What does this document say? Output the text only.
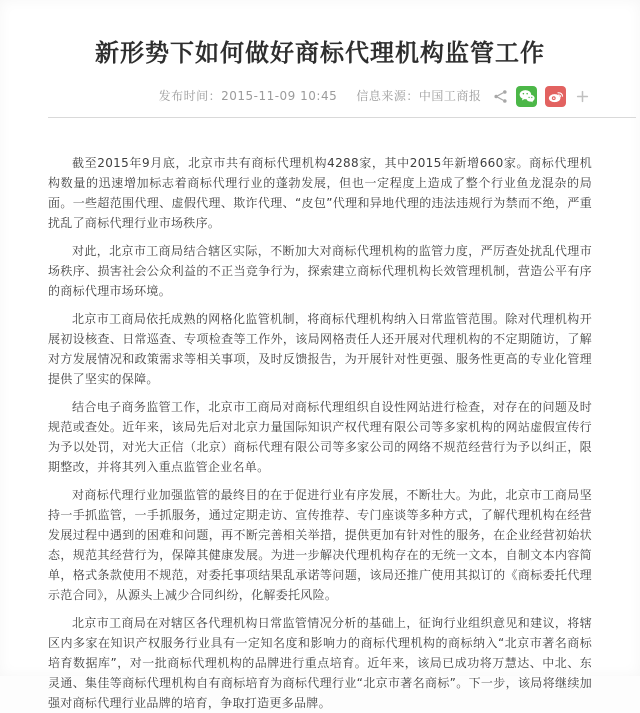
新形势下如何做好商标代理机构监管工作
发布时间：2015-11-09 10:45 信息来源：中国工商报

截至2015年9月底，北京市共有商标代理机构4288家，其中2015年新增660家。商标代理机构数量的迅速增加标志着商标代理行业的蓬勃发展，但也一定程度上造成了整个行业鱼龙混杂的局面。一些超范围代理、虚假代理、欺诈代理、“皮包”代理和异地代理的违法违规行为禁而不绝，严重扰乱了商标代理行业市场秩序。

对此，北京市工商局结合辖区实际，不断加大对商标代理机构的监管力度，严厉查处扰乱代理市场秩序、损害社会公众利益的不正当竞争行为，探索建立商标代理机构长效管理机制，营造公平有序的商标代理市场环境。

北京市工商局依托成熟的网格化监管机制，将商标代理机构纳入日常监管范围。除对代理机构开展初设核查、日常巡查、专项检查等工作外，该局网格责任人还开展对代理机构的不定期随访，了解对方发展情况和政策需求等相关事项，及时反馈报告，为开展针对性更强、服务性更高的专业化管理提供了坚实的保障。

结合电子商务监管工作，北京市工商局对商标代理组织自设性网站进行检查，对存在的问题及时规范或查处。近年来，该局先后对北京力量国际知识产权代理有限公司等多家机构的网站虚假宣传行为予以处罚，对光大正信（北京）商标代理有限公司等多家公司的网络不规范经营行为予以纠正，限期整改，并将其列入重点监管企业名单。

对商标代理行业加强监管的最终目的在于促进行业有序发展，不断壮大。为此，北京市工商局坚持一手抓监管，一手抓服务，通过定期走访、宣传推荐、专门座谈等多种方式，了解代理机构在经营发展过程中遇到的困难和问题，再不断完善相关举措，提供更加有针对性的服务，在企业经营初始状态，规范其经营行为，保障其健康发展。为进一步解决代理机构存在的无统一文本，自制文本内容简单，格式条款使用不规范，对委托事项结果乱承诺等问题，该局还推广使用其拟订的《商标委托代理示范合同》，从源头上减少合同纠纷，化解委托风险。

北京市工商局在对辖区各代理机构日常监管情况分析的基础上，征询行业组织意见和建议，将辖区内多家在知识产权服务行业具有一定知名度和影响力的商标代理机构的商标纳入“北京市著名商标培育数据库”，对一批商标代理机构的品牌进行重点培育。近年来，该局已成功将万慧达、中北、东灵通、集佳等商标代理机构自有商标培育为商标代理行业“北京市著名商标”。下一步，该局将继续加强对商标代理行业品牌的培育，争取打造更多品牌。
